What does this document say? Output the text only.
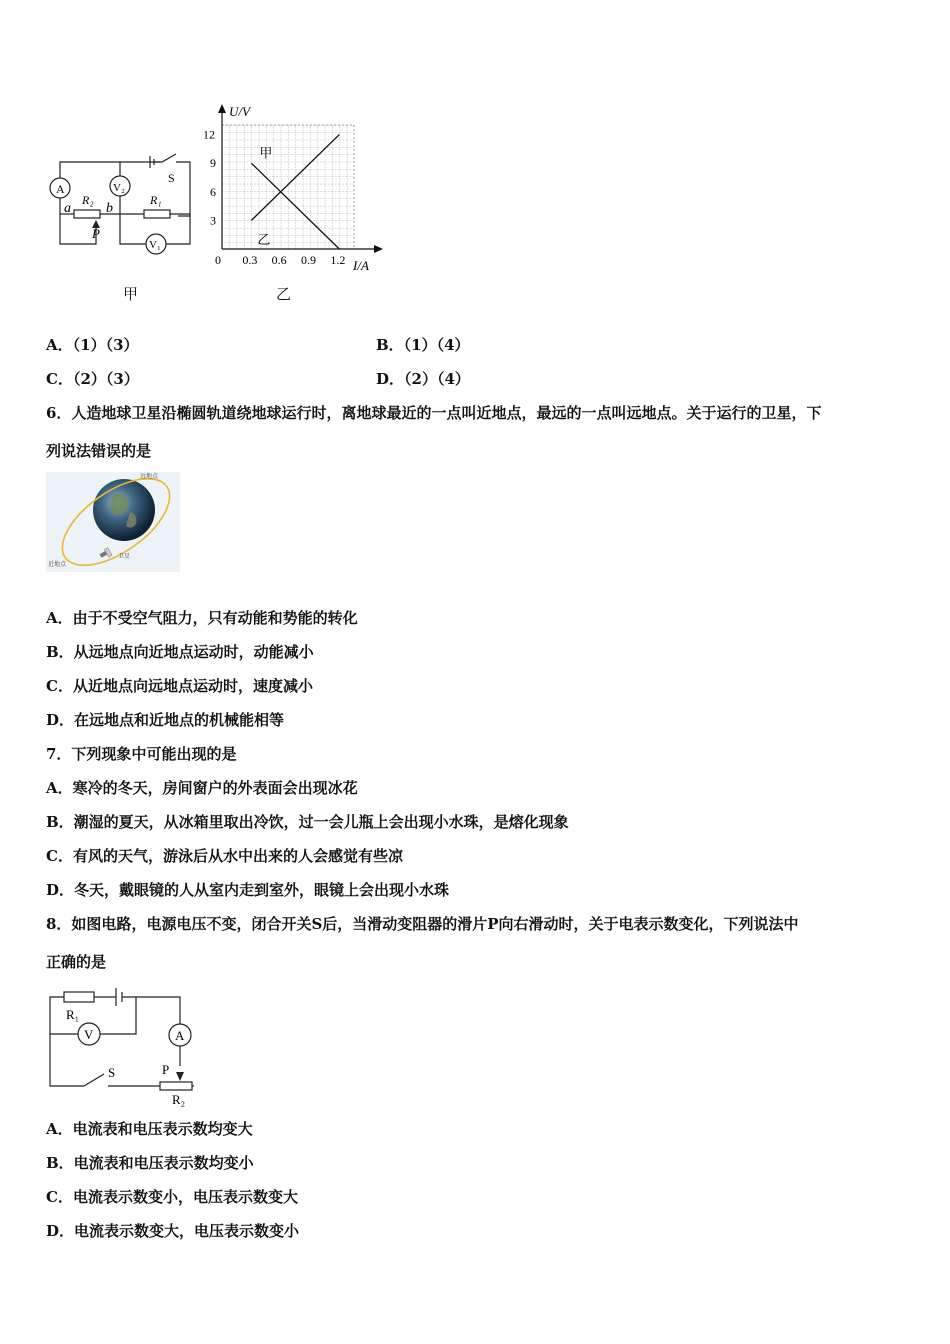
A	V₂
V₁
R₂	R₁
S
a	b
P
甲
U/V
I/A
0 0.3 0.6 0.9 1.2
3
6
9
12
甲
乙
乙
A．（1）（3）	B．（1）（4）
C．（2）（3）	D．（2）（4）
6．人造地球卫星沿椭圆轨道绕地球运行时，离地球最近的一点叫近地点，最远的一点叫远地点。关于运行的卫星，下
列说法错误的是
远地点
近地点
卫星
A．由于不受空气阻力，只有动能和势能的转化
B．从远地点向近地点运动时，动能减小
C．从近地点向远地点运动时，速度减小
D．在远地点和近地点的机械能相等
7．下列现象中可能出现的是
A．寒冷的冬天，房间窗户的外表面会出现冰花
B．潮湿的夏天，从冰箱里取出冷饮，过一会儿瓶上会出现小水珠，是熔化现象
C．有风的天气，游泳后从水中出来的人会感觉有些凉
D．冬天，戴眼镜的人从室内走到室外，眼镜上会出现小水珠
8．如图电路，电源电压不变，闭合开关S后，当滑动变阻器的滑片P向右滑动时，关于电表示数变化，下列说法中
正确的是
R₁
V	A
S	P
R₂
A．电流表和电压表示数均变大
B．电流表和电压表示数均变小
C．电流表示数变小，电压表示数变大
D．电流表示数变大，电压表示数变小
